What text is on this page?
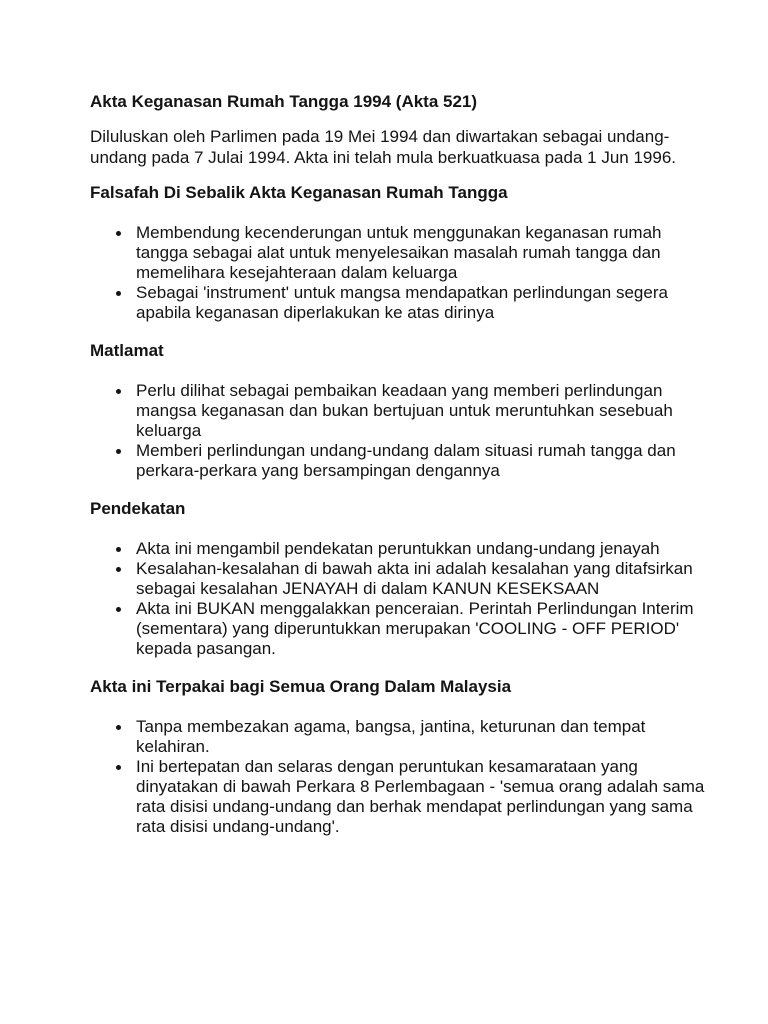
Akta Keganasan Rumah Tangga 1994 (Akta 521)
Diluluskan oleh Parlimen pada 19 Mei 1994 dan diwartakan sebagai undang-undang pada 7 Julai 1994. Akta ini telah mula berkuatkuasa pada 1 Jun 1996.
Falsafah Di Sebalik Akta Keganasan Rumah Tangga
Membendung kecenderungan untuk menggunakan keganasan rumah tangga sebagai alat untuk menyelesaikan masalah rumah tangga dan memelihara kesejahteraan dalam keluarga
Sebagai 'instrument' untuk mangsa mendapatkan perlindungan segera apabila keganasan diperlakukan ke atas dirinya
Matlamat
Perlu dilihat sebagai pembaikan keadaan yang memberi perlindungan mangsa keganasan dan bukan bertujuan untuk meruntuhkan sesebuah keluarga
Memberi perlindungan undang-undang dalam situasi rumah tangga dan perkara-perkara yang bersampingan dengannya
Pendekatan
Akta ini mengambil pendekatan peruntukkan undang-undang jenayah
Kesalahan-kesalahan di bawah akta ini adalah kesalahan yang ditafsirkan sebagai kesalahan JENAYAH di dalam KANUN KESEKSAAN
Akta ini BUKAN menggalakkan penceraian. Perintah Perlindungan Interim (sementara) yang diperuntukkan merupakan 'COOLING - OFF PERIOD' kepada pasangan.
Akta ini Terpakai bagi Semua Orang Dalam Malaysia
Tanpa membezakan agama, bangsa, jantina, keturunan dan tempat kelahiran.
Ini bertepatan dan selaras dengan peruntukan kesamarataan yang dinyatakan di bawah Perkara 8 Perlembagaan - 'semua orang adalah sama rata disisi undang-undang dan berhak mendapat perlindungan yang sama rata disisi undang-undang'.
